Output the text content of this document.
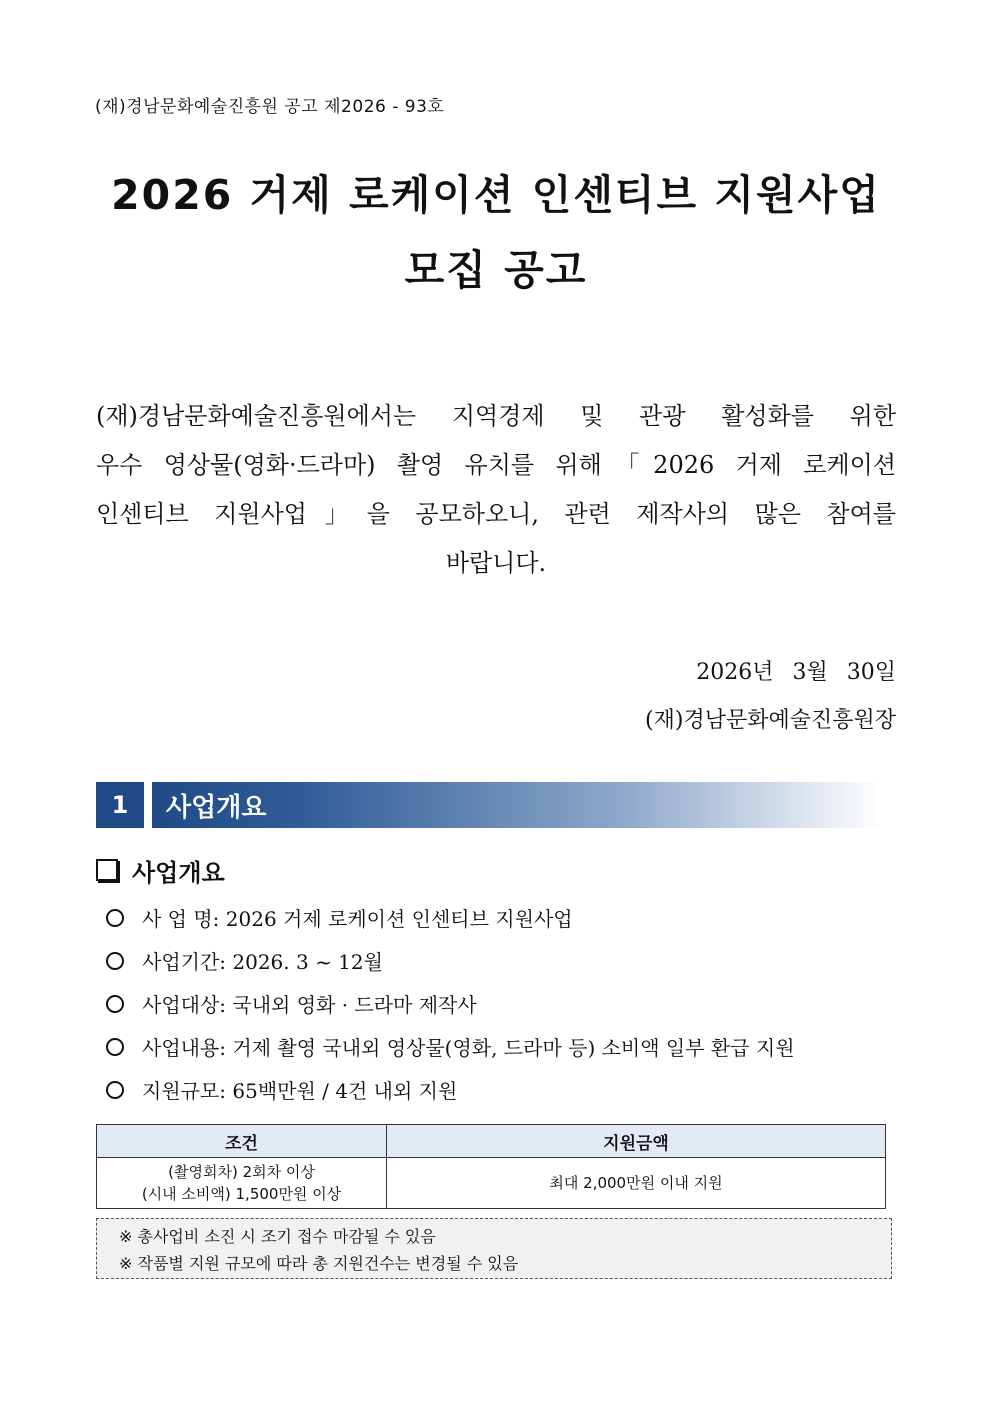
(재)경남문화예술진흥원 공고 제2026 - 93호
2026 거제 로케이션 인센티브 지원사업
모집 공고
(재)경남문화예술진흥원에서는 지역경제 및 관광 활성화를 위한
우수 영상물(영화·드라마) 촬영 유치를 위해「2026 거제 로케이션
인센티브 지원사업」을 공모하오니, 관련 제작사의 많은 참여를
바랍니다.
2026년 3월 30일
(재)경남문화예술진흥원장
1	사업개요
사업개요
사 업 명: 2026 거제 로케이션 인센티브 지원사업
사업기간: 2026. 3 ~ 12월
사업대상: 국내외 영화 · 드라마 제작사
사업내용: 거제 촬영 국내외 영상물(영화, 드라마 등) 소비액 일부 환급 지원
지원규모: 65백만원 / 4건 내외 지원
조건	지원금액

(촬영회차) 2회차 이상
(시내 소비액) 1,500만원 이상	최대 2,000만원 이내 지원
※ 총사업비 소진 시 조기 접수 마감될 수 있음
※ 작품별 지원 규모에 따라 총 지원건수는 변경될 수 있음
